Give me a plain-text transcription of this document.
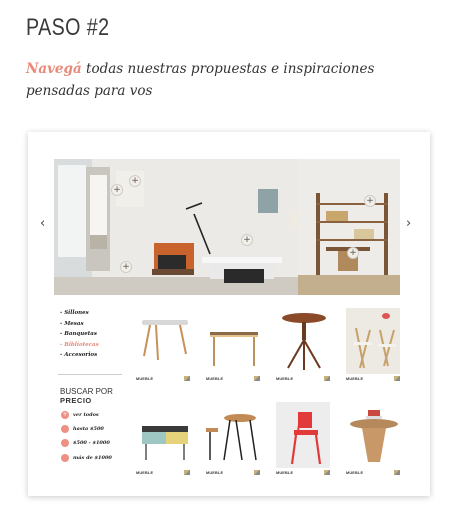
PASO #2
Navegá todas nuestras propuestas e inspiraciones pensadas para vos
+
+
+
+
+
+
‹	›
- Sillones
- Mesas
- Banquetas
- Bibliotecas
- Accesorios
BUSCAR POR
PRECIO
+ ver todos
hasta $500
$500 - $1000
más de $1000
MUEBLE	MUEBLE	MUEBLE	MUEBLE
MUEBLE	MUEBLE	MUEBLE	MUEBLE
